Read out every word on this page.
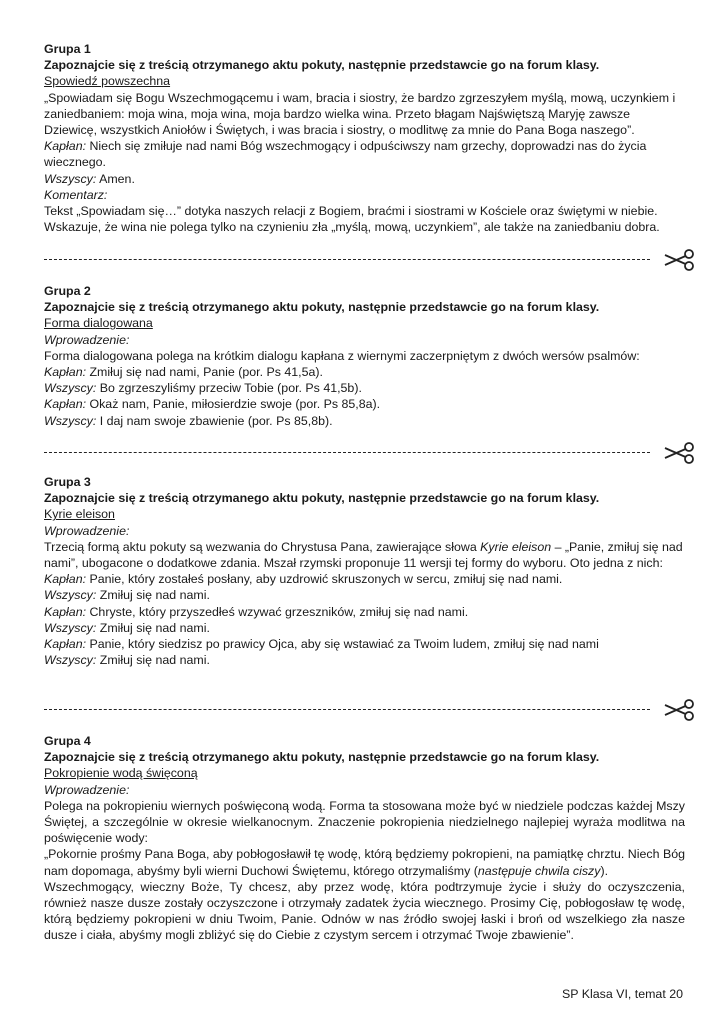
Grupa 1

Zapoznajcie się z treścią otrzymanego aktu pokuty, następnie przedstawcie go na forum klasy.

Spowiedź powszechna

„Spowiadam się Bogu Wszechmogącemu i wam, bracia i siostry, że bardzo zgrzeszyłem myślą, mową, uczynkiem i zaniedbaniem: moja wina, moja wina, moja bardzo wielka wina. Przeto błagam Najświętszą Maryję zawsze Dziewicę, wszystkich Aniołów i Świętych, i was bracia i siostry, o modlitwę za mnie do Pana Boga naszego”.

Kapłan: Niech się zmiłuje nad nami Bóg wszechmogący i odpuściwszy nam grzechy, doprowadzi nas do życia wiecznego.

Wszyscy: Amen.

Komentarz:

Tekst „Spowiadam się…” dotyka naszych relacji z Bogiem, braćmi i siostrami w Kościele oraz świętymi w niebie. Wskazuje, że wina nie polega tylko na czynieniu zła „myślą, mową, uczynkiem”, ale także na zaniedbaniu dobra.

Grupa 2

Zapoznajcie się z treścią otrzymanego aktu pokuty, następnie przedstawcie go na forum klasy.

Forma dialogowana

Wprowadzenie:

Forma dialogowana polega na krótkim dialogu kapłana z wiernymi zaczerpniętym z dwóch wersów psalmów:

Kapłan: Zmiłuj się nad nami, Panie (por. Ps 41,5a).

Wszyscy: Bo zgrzeszyliśmy przeciw Tobie (por. Ps 41,5b).

Kapłan: Okaż nam, Panie, miłosierdzie swoje (por. Ps 85,8a).

Wszyscy: I daj nam swoje zbawienie (por. Ps 85,8b).

Grupa 3

Zapoznajcie się z treścią otrzymanego aktu pokuty, następnie przedstawcie go na forum klasy.

Kyrie eleison

Wprowadzenie:

Trzecią formą aktu pokuty są wezwania do Chrystusa Pana, zawierające słowa Kyrie eleison – „Panie, zmiłuj się nad nami”, ubogacone o dodatkowe zdania. Mszał rzymski proponuje 11 wersji tej formy do wyboru. Oto jedna z nich:

Kapłan: Panie, który zostałeś posłany, aby uzdrowić skruszonych w sercu, zmiłuj się nad nami.

Wszyscy: Zmiłuj się nad nami.

Kapłan: Chryste, który przyszedłeś wzywać grzeszników, zmiłuj się nad nami.

Wszyscy: Zmiłuj się nad nami.

Kapłan: Panie, który siedzisz po prawicy Ojca, aby się wstawiać za Twoim ludem, zmiłuj się nad nami

Wszyscy: Zmiłuj się nad nami.

Grupa 4

Zapoznajcie się z treścią otrzymanego aktu pokuty, następnie przedstawcie go na forum klasy.

Pokropienie wodą święconą

Wprowadzenie:

Polega na pokropieniu wiernych poświęconą wodą. Forma ta stosowana może być w niedziele podczas każdej Mszy Świętej, a szczególnie w okresie wielkanocnym. Znaczenie pokropienia niedzielnego najlepiej wyraża modlitwa na poświęcenie wody:

„Pokornie prośmy Pana Boga, aby pobłogosławił tę wodę, którą będziemy pokropieni, na pamiątkę chrztu. Niech Bóg nam dopomaga, abyśmy byli wierni Duchowi Świętemu, którego otrzymaliśmy (następuje chwila ciszy).

Wszechmogący, wieczny Boże, Ty chcesz, aby przez wodę, która podtrzymuje życie i służy do oczyszczenia, również nasze dusze zostały oczyszczone i otrzymały zadatek życia wiecznego. Prosimy Cię, pobłogosław tę wodę, którą będziemy pokropieni w dniu Twoim, Panie. Odnów w nas źródło swojej łaski i broń od wszelkiego zła nasze dusze i ciała, abyśmy mogli zbliżyć się do Ciebie z czystym sercem i otrzymać Twoje zbawienie”.

SP Klasa VI, temat 20
